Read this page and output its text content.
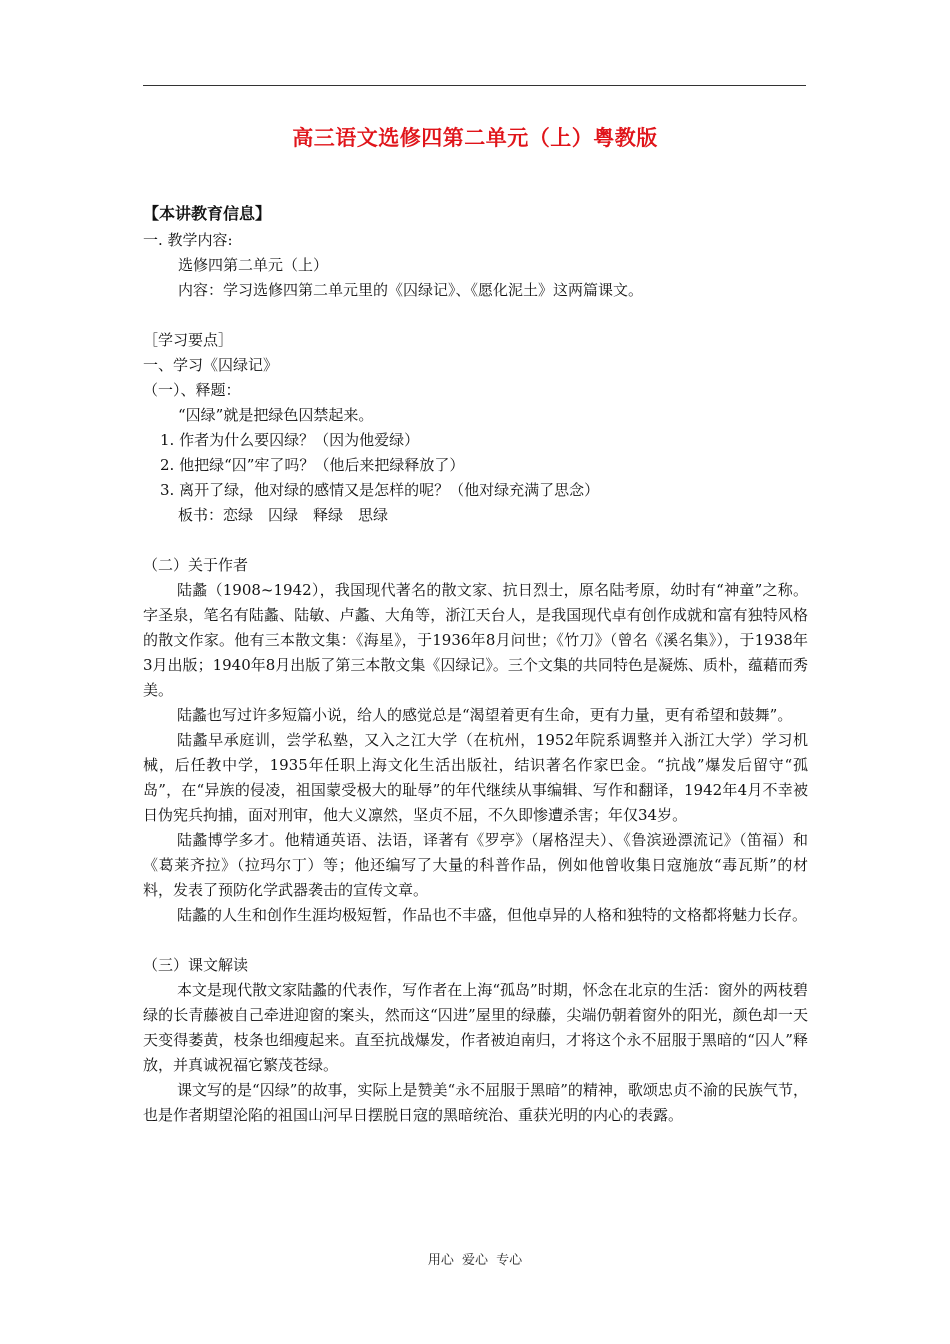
高三语文选修四第二单元（上）粤教版
【本讲教育信息】
一. 教学内容:
选修四第二单元（上）
内容：学习选修四第二单元里的《囚绿记》、《愿化泥土》这两篇课文。
［学习要点］
一、学习《囚绿记》
（一）、释题：
“囚绿”就是把绿色囚禁起来。
1. 作者为什么要囚绿？（因为他爱绿）
2. 他把绿“囚”牢了吗？（他后来把绿释放了）
3. 离开了绿，他对绿的感情又是怎样的呢？（他对绿充满了思念）
板书：恋绿　囚绿　释绿　思绿
（二）关于作者

陆蠡（1908~1942），我国现代著名的散文家、抗日烈士，原名陆考原，幼时有“神童”之称。字圣泉，笔名有陆蠡、陆敏、卢蠡、大角等，浙江天台人，是我国现代卓有创作成就和富有独特风格的散文作家。他有三本散文集：《海星》，于1936年8月问世；《竹刀》（曾名《溪名集》），于1938年3月出版；1940年8月出版了第三本散文集《囚绿记》。三个文集的共同特色是凝炼、质朴，蕴藉而秀美。

陆蠡也写过许多短篇小说，给人的感觉总是“渴望着更有生命，更有力量，更有希望和鼓舞”。

陆蠡早承庭训，尝学私塾，又入之江大学（在杭州，1952年院系调整并入浙江大学）学习机械，后任教中学，1935年任职上海文化生活出版社，结识著名作家巴金。“抗战”爆发后留守“孤岛”，在“异族的侵凌，祖国蒙受极大的耻辱”的年代继续从事编辑、写作和翻译，1942年4月不幸被日伪宪兵拘捕，面对刑审，他大义凛然，坚贞不屈，不久即惨遭杀害；年仅34岁。

陆蠡博学多才。他精通英语、法语，译著有《罗亭》（屠格涅夫）、《鲁滨逊漂流记》（笛福）和《葛莱齐拉》（拉玛尔丁）等；他还编写了大量的科普作品，例如他曾收集日寇施放“毒瓦斯”的材料，发表了预防化学武器袭击的宣传文章。

陆蠡的人生和创作生涯均极短暂，作品也不丰盛，但他卓异的人格和独特的文格都将魅力长存。

（三）课文解读

本文是现代散文家陆蠡的代表作，写作者在上海“孤岛”时期，怀念在北京的生活：窗外的两枝碧绿的长青藤被自己牵进迎窗的案头，然而这“囚进”屋里的绿藤，尖端仍朝着窗外的阳光，颜色却一天天变得萎黄，枝条也细瘦起来。直至抗战爆发，作者被迫南归，才将这个永不屈服于黑暗的“囚人”释放，并真诚祝福它繁茂苍绿。

课文写的是“囚绿”的故事，实际上是赞美“永不屈服于黑暗”的精神，歌颂忠贞不渝的民族气节，也是作者期望沦陷的祖国山河早日摆脱日寇的黑暗统治、重获光明的内心的表露。

用心 爱心 专心
